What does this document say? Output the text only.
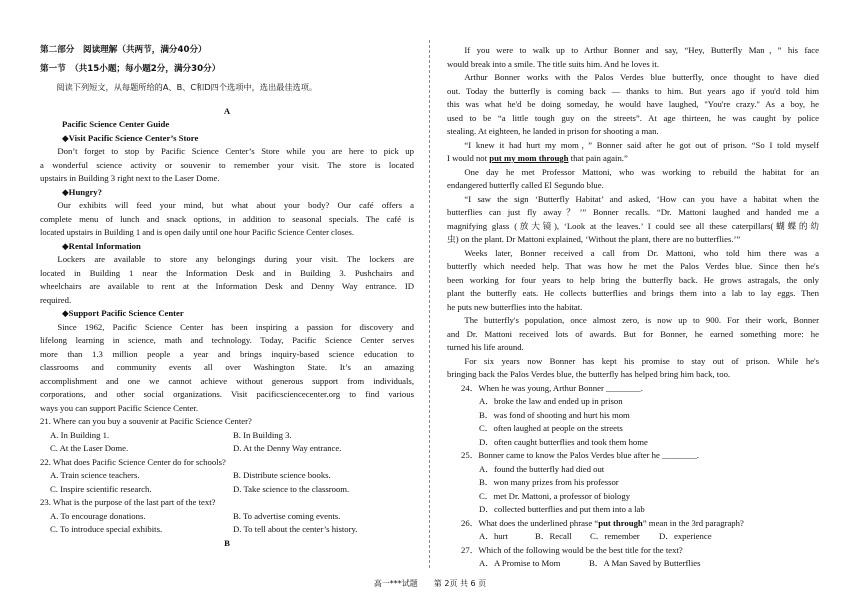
第二部分　阅读理解（共两节，满分40分）
第一节　（共15小题；每小题2分，满分30分）
阅读下列短文，从每题所给的A、B、C和D四个选项中，选出最佳选项。
A
Pacific Science Center Guide
◆Visit Pacific Science Center’s Store
Don’t forget to stop by Pacific Science Center’s Store while you are here to pick up
a wonderful science activity or souvenir to remember your visit. The store is located
upstairs in Building 3 right next to the Laser Dome.
◆Hungry?
Our exhibits will feed your mind, but what about your body? Our café offers a
complete menu of lunch and snack options, in addition to seasonal specials. The café is
located upstairs in Building 1 and is open daily until one hour Pacific Science Center closes.
◆Rental Information
Lockers are available to store any belongings during your visit. The lockers are
located in Building 1 near the Information Desk and in Building 3. Pushchairs and
wheelchairs are available to rent at the Information Desk and Denny Way entrance. ID
required.
◆Support Pacific Science Center
Since 1962, Pacific Science Center has been inspiring a passion for discovery and
lifelong learning in science, math and technology. Today, Pacific Science Center serves
more than 1.3 million people a year and brings inquiry-based science education to
classrooms and community events all over Washington State. It’s an amazing
accomplishment and one we cannot achieve without generous support from individuals,
corporations, and other social organizations. Visit pacificsciencecenter.org to find various
ways you can support Pacific Science Center.
21. Where can you buy a souvenir at Pacific Science Center?
A. In Building 1.	B. In Building 3.
C. At the Laser Dome.	D. At the Denny Way entrance.
22. What does Pacific Science Center do for schools?
A. Train science teachers.	B. Distribute science books.
C. Inspire scientific research.	D. Take science to the classroom.
23. What is the purpose of the last part of the text?
A. To encourage donations.	B. To advertise coming events.
C. To introduce special exhibits.	D. To tell about the center’s history.
B
If you were to walk up to Arthur Bonner and say, “Hey, Butterfly Man，” his face
would break into a smile. The title suits him. And he loves it.
Arthur Bonner works with the Palos Verdes blue butterfly, once thought to have died
out. Today the butterfly is coming back — thanks to him. But years ago if you'd told him
this was what he'd be doing someday, he would have laughed, "You're crazy." As a boy, he
used to be “a little tough guy on the streets”. At age thirteen, he was caught by police
stealing. At eighteen, he landed in prison for shooting a man.
“I knew it had hurt my mom，” Bonner said after he got out of prison. “So I told myself
I would not put my mom through that pain again.”
One day he met Professor Mattoni, who was working to rebuild the habitat for an
endangered butterfly called El Segundo blue.
“I saw the sign ‘Butterfly Habitat’ and asked, ‘How can you have a habitat when the
butterflies can just fly away？’” Bonner recalls. “Dr. Mattoni laughed and handed me a
magnifying glass (放大镜), ‘Look at the leaves.’ I could see all these caterpillars(蝴蝶的幼
虫) on the plant. Dr Mattoni explained, ‘Without the plant, there are no butterflies.’”
Weeks later, Bonner received a call from Dr. Mattoni, who told him there was a
butterfly which needed help. That was how he met the Palos Verdes blue. Since then he's
been working for four years to help bring the butterfly back. He grows astragals, the only
plant the butterfly eats. He collects butterflies and brings them into a lab to lay eggs. Then
he puts new butterflies into the habitat.
The butterfly's population, once almost zero, is now up to 900. For their work, Bonner
and Dr. Mattoni received lots of awards. But for Bonner, he earned something more: he
turned his life around.
For six years now Bonner has kept his promise to stay out of prison. While he's
bringing back the Palos Verdes blue, the butterfly has helped bring him back, too.
24．When he was young, Arthur Bonner ________.
A．broke the law and ended up in prison
B．was fond of shooting and hurt his mom
C．often laughed at people on the streets
D．often caught butterflies and took them home
25．Bonner came to know the Palos Verdes blue after he ________.
A．found the butterfly had died out
B．won many prizes from his professor
C．met Dr. Mattoni, a professor of biology
D．collected butterflies and put them into a lab
26．What does the underlined phrase “put through” mean in the 3rd paragraph?
A．hurt	B．Recall	C．remember	D．experience
27．Which of the following would be the best title for the text?
A．A Promise to Mom	B．A Man Saved by Butterflies
高一***试题　　第 2页 共 6 页
